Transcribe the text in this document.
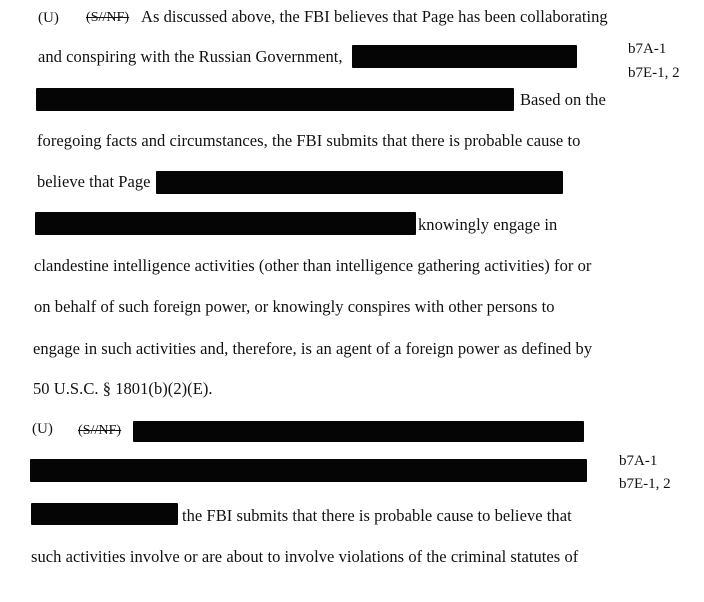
(U) (S//NF) As discussed above, the FBI believes that Page has been collaborating
and conspiring with the Russian Government,
Based on the
foregoing facts and circumstances, the FBI submits that there is probable cause to
believe that Page
knowingly engage in
clandestine intelligence activities (other than intelligence gathering activities) for or
on behalf of such foreign power, or knowingly conspires with other persons to
engage in such activities and, therefore, is an agent of a foreign power as defined by
50 U.S.C. § 1801(b)(2)(E).
b7A-1
b7E-1, 2
(U) (S//NF)
the FBI submits that there is probable cause to believe that
such activities involve or are about to involve violations of the criminal statutes of
b7A-1
b7E-1, 2
